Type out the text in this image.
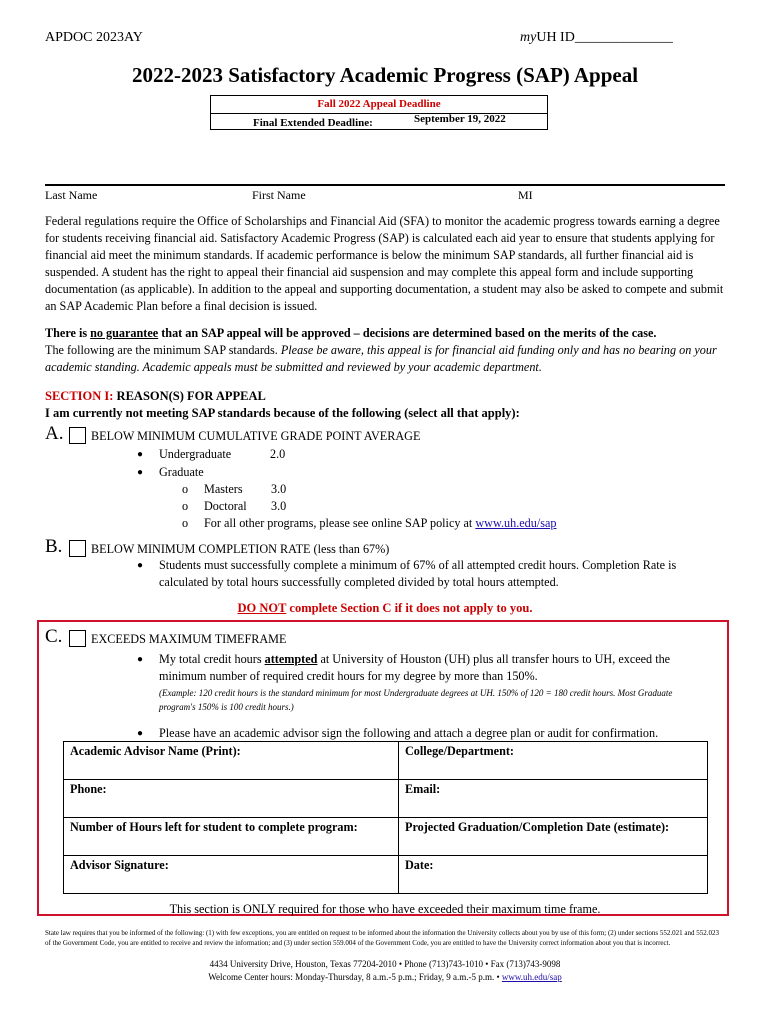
APDOC 2023AY	myUH ID______________
2022-2023 Satisfactory Academic Progress (SAP) Appeal
Fall 2022 Appeal Deadline
Final Extended Deadline:	September 19, 2022
Last Name	First Name	MI
Federal regulations require the Office of Scholarships and Financial Aid (SFA) to monitor the academic progress towards earning a degree for students receiving financial aid. Satisfactory Academic Progress (SAP) is calculated each aid year to ensure that students applying for financial aid meet the minimum standards. If academic performance is below the minimum SAP standards, all further financial aid is suspended. A student has the right to appeal their financial aid suspension and may complete this appeal form and include supporting documentation (as applicable). In addition to the appeal and supporting documentation, a student may also be asked to compete and submit an SAP Academic Plan before a final decision is issued.
There is no guarantee that an SAP appeal will be approved – decisions are determined based on the merits of the case.
The following are the minimum SAP standards. Please be aware, this appeal is for financial aid funding only and has no bearing on your academic standing. Academic appeals must be submitted and reviewed by your academic department.
SECTION I: REASON(S) FOR APPEAL
I am currently not meeting SAP standards because of the following (select all that apply):
A. BELOW MINIMUM CUMULATIVE GRADE POINT AVERAGE
● Undergraduate	2.0
● Graduate
o Masters 3.0
o Doctoral 3.0
o For all other programs, please see online SAP policy at www.uh.edu/sap
B. BELOW MINIMUM COMPLETION RATE (less than 67%)
● Students must successfully complete a minimum of 67% of all attempted credit hours. Completion Rate is calculated by total hours successfully completed divided by total hours attempted.
DO NOT complete Section C if it does not apply to you.
C. EXCEEDS MAXIMUM TIMEFRAME
● My total credit hours attempted at University of Houston (UH) plus all transfer hours to UH, exceed the minimum number of required credit hours for my degree by more than 150%.
(Example: 120 credit hours is the standard minimum for most Undergraduate degrees at UH. 150% of 120 = 180 credit hours. Most Graduate program's 150% is 100 credit hours.)
● Please have an academic advisor sign the following and attach a degree plan or audit for confirmation.
Academic Advisor Name (Print):	College/Department:
Phone:	Email:
Number of Hours left for student to complete program:	Projected Graduation/Completion Date (estimate):
Advisor Signature:	Date:
This section is ONLY required for those who have exceeded their maximum time frame.
State law requires that you be informed of the following: (1) with few exceptions, you are entitled on request to be informed about the information the University collects about you by use of this form; (2) under sections 552.021 and 552.023 of the Government Code, you are entitled to receive and review the information; and (3) under section 559.004 of the Government Code, you are entitled to have the University correct information about you that is incorrect.
4434 University Drive, Houston, Texas 77204-2010 • Phone (713)743-1010 • Fax (713)743-9098
Welcome Center hours: Monday-Thursday, 8 a.m.-5 p.m.; Friday, 9 a.m.-5 p.m. • www.uh.edu/sap
